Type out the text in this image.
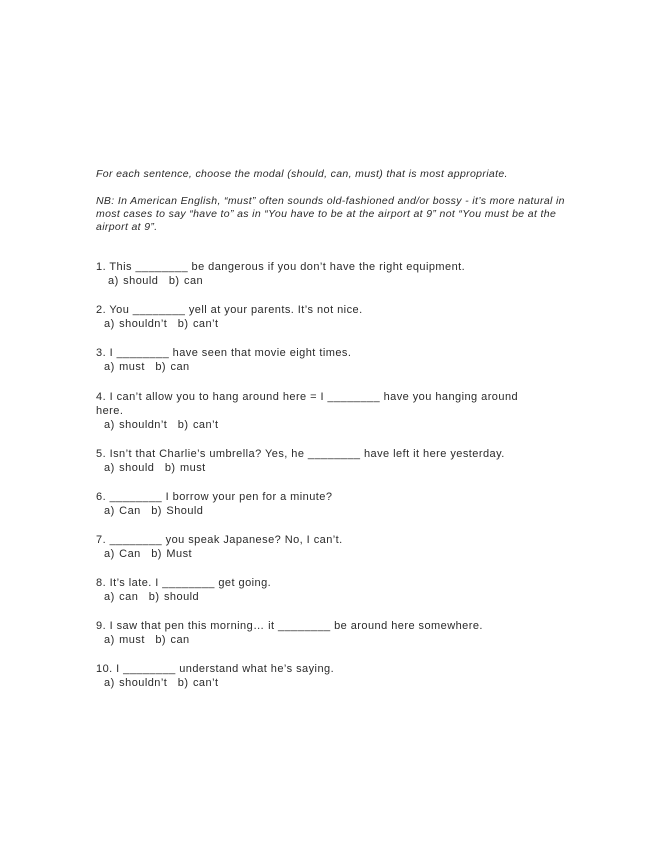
For each sentence, choose the modal (should, can, must) that is most appropriate.

NB: In American English, “must” often sounds old-fashioned and/or bossy - it’s more natural in most cases to say “have to” as in “You have to be at the airport at 9” not “You must be at the airport at 9”.

1. This ________ be dangerous if you don’t have the right equipment.
a) should b) can
2. You ________ yell at your parents. It’s not nice.
a) shouldn’t b) can’t
3. I ________ have seen that movie eight times.
a) must b) can
4. I can’t allow you to hang around here = I ________ have you hanging around here.
a) shouldn’t b) can’t
5. Isn’t that Charlie’s umbrella? Yes, he ________ have left it here yesterday.
a) should b) must
6. ________ I borrow your pen for a minute?
a) Can b) Should
7. ________ you speak Japanese? No, I can’t.
a) Can b) Must
8. It’s late. I ________ get going.
a) can b) should
9. I saw that pen this morning… it ________ be around here somewhere.
a) must b) can
10. I ________ understand what he’s saying.
a) shouldn’t b) can’t
